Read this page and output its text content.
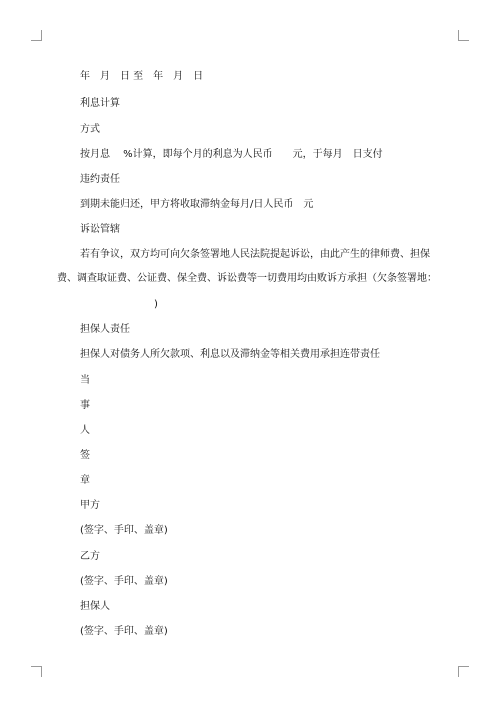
年　月　日 至　年　月　日
利息计算
方式
按月息　 %计算，即每个月的利息为人民币　　元，于每月　日支付
违约责任
到期未能归还，甲方将收取滞纳金每月/日人民币　元
诉讼管辖
若有争议，双方均可向欠条签署地人民法院提起诉讼，由此产生的律师费、担保
费、调查取证费、公证费、保全费、诉讼费等一切费用均由败诉方承担（欠条签署地：
)
担保人责任
担保人对债务人所欠款项、利息以及滞纳金等相关费用承担连带责任
当
事
人
签
章
甲方
(签字、手印、盖章)
乙方
(签字、手印、盖章)
担保人
(签字、手印、盖章)
